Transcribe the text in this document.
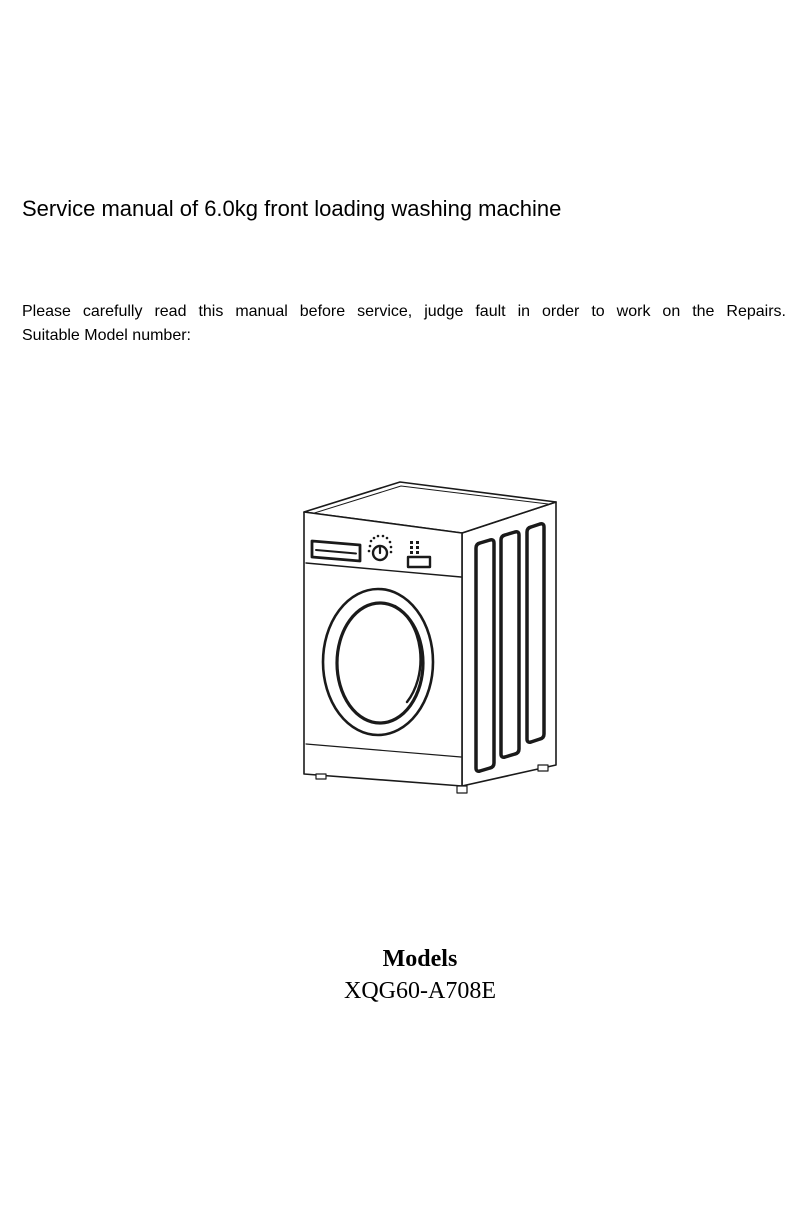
Service manual of 6.0kg front loading washing machine

Please carefully read this manual before service, judge fault in order to work on the Repairs.
Suitable Model number:

Models
XQG60-A708E
